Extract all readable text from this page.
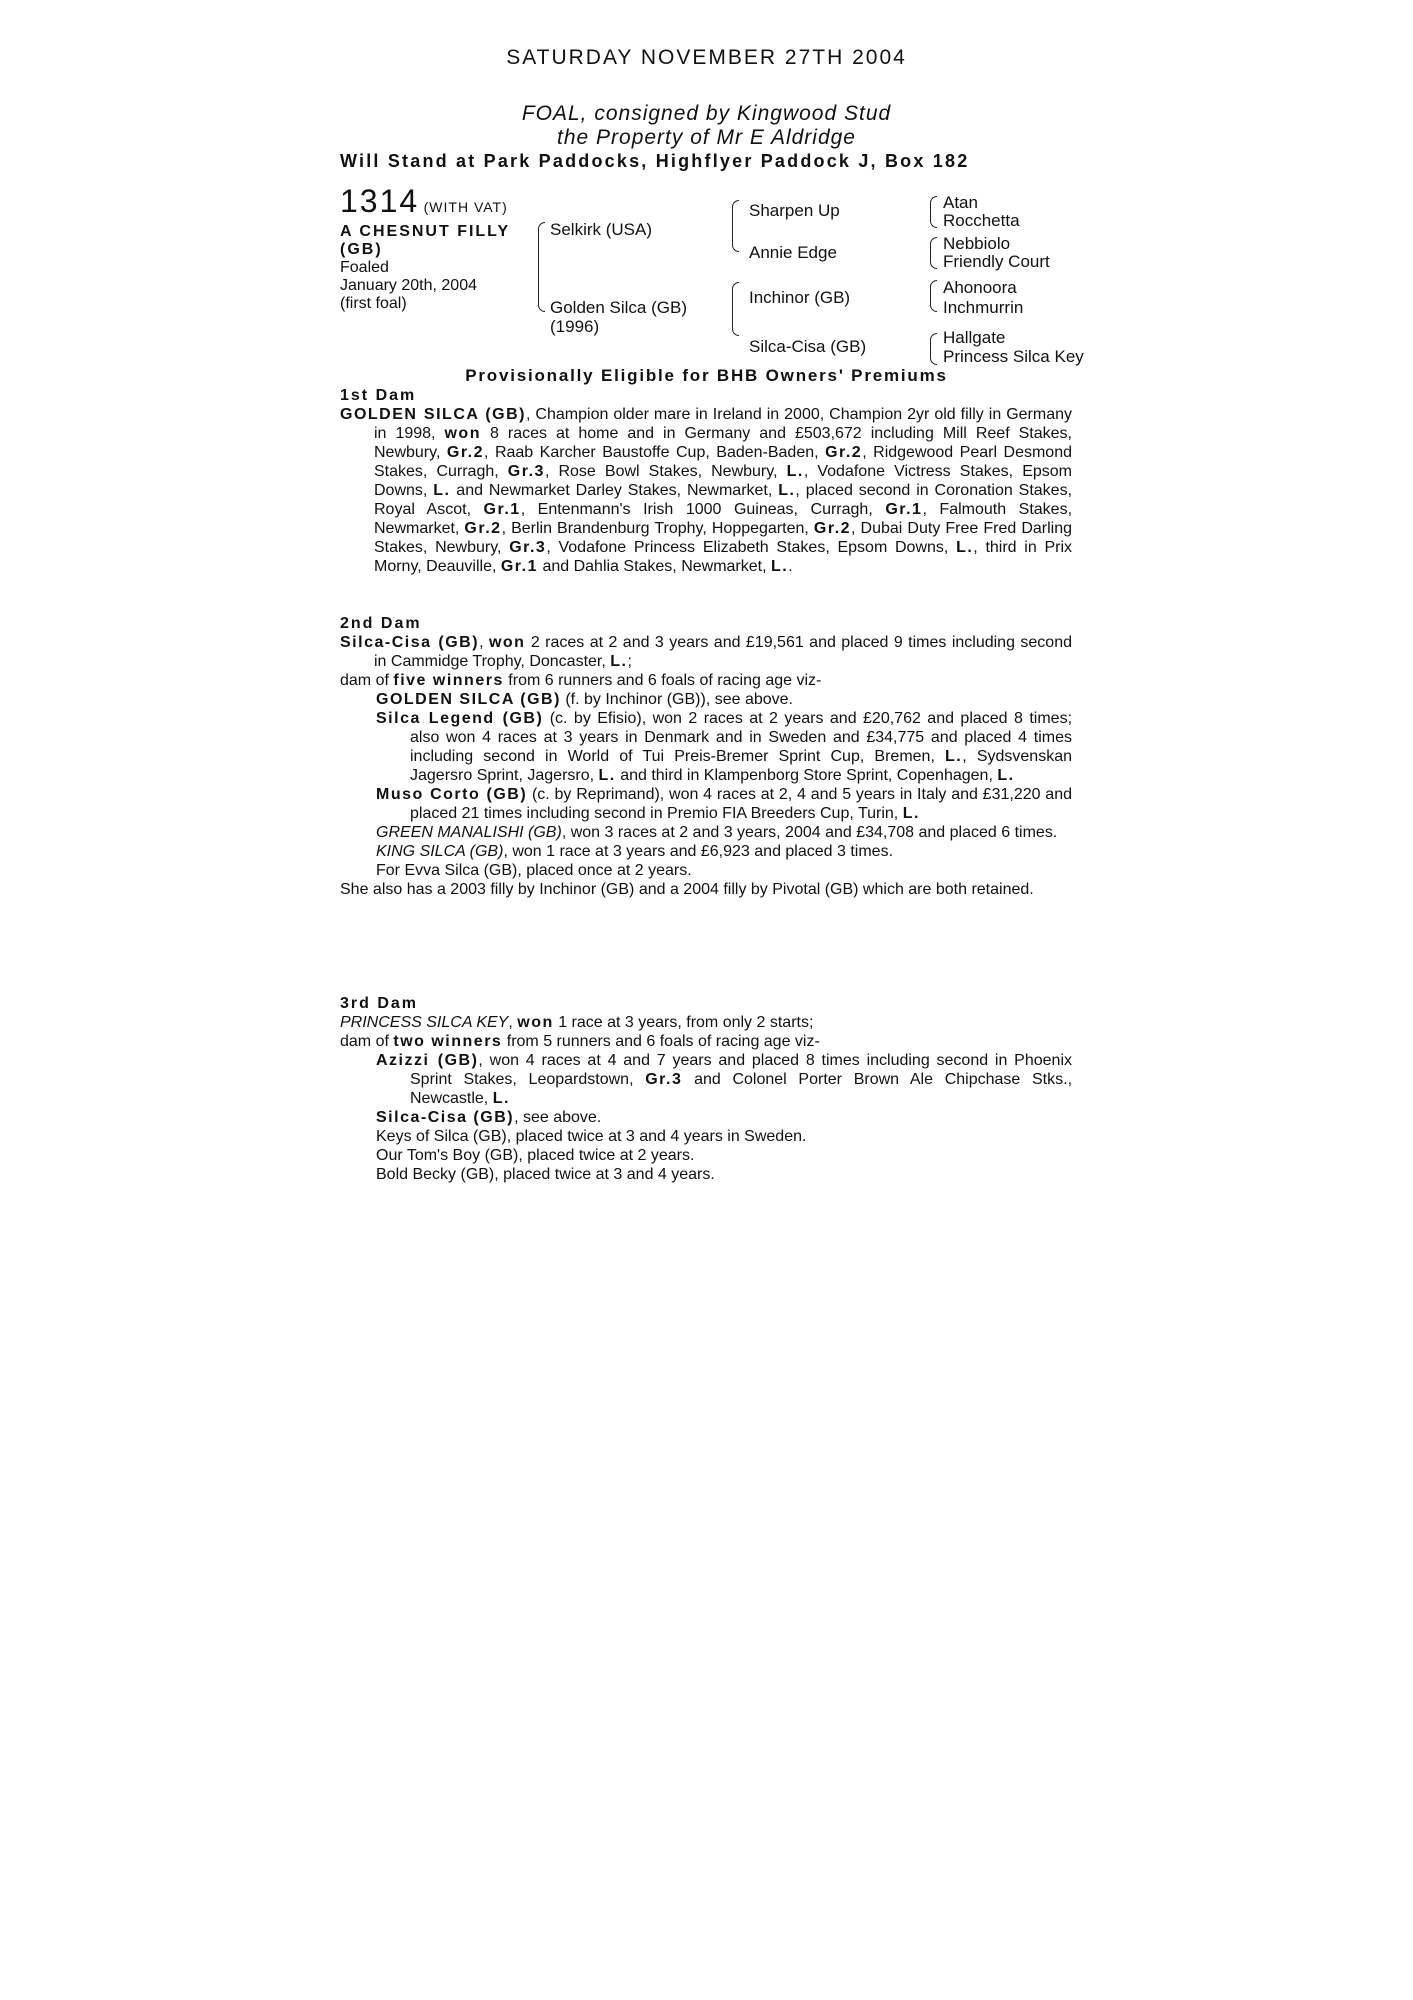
SATURDAY NOVEMBER 27TH 2004
FOAL, consigned by Kingwood Stud
the Property of Mr E Aldridge
Will Stand at Park Paddocks, Highflyer Paddock J, Box 182
1314 (WITH VAT)
A CHESNUT FILLY
(GB)
Foaled
January 20th, 2004
(first foal)
Selkirk (USA)
Golden Silca (GB)
(1996)
Sharpen Up
Annie Edge
Inchinor (GB)
Silca-Cisa (GB)
Atan
Rocchetta
Nebbiolo
Friendly Court
Ahonoora
Inchmurrin
Hallgate
Princess Silca Key
Provisionally Eligible for BHB Owners' Premiums
1st Dam

GOLDEN SILCA (GB), Champion older mare in Ireland in 2000, Champion 2yr old filly in Germany in 1998, won 8 races at home and in Germany and £503,672 including Mill Reef Stakes, Newbury, Gr.2, Raab Karcher Baustoffe Cup, Baden-Baden, Gr.2, Ridgewood Pearl Desmond Stakes, Curragh, Gr.3, Rose Bowl Stakes, Newbury, L., Vodafone Victress Stakes, Epsom Downs, L. and Newmarket Darley Stakes, Newmarket, L., placed second in Coronation Stakes, Royal Ascot, Gr.1, Entenmann's Irish 1000 Guineas, Curragh, Gr.1, Falmouth Stakes, Newmarket, Gr.2, Berlin Brandenburg Trophy, Hoppegarten, Gr.2, Dubai Duty Free Fred Darling Stakes, Newbury, Gr.3, Vodafone Princess Elizabeth Stakes, Epsom Downs, L., third in Prix Morny, Deauville, Gr.1 and Dahlia Stakes, Newmarket, L..

2nd Dam

Silca-Cisa (GB), won 2 races at 2 and 3 years and £19,561 and placed 9 times including second in Cammidge Trophy, Doncaster, L.;

dam of five winners from 6 runners and 6 foals of racing age viz-

GOLDEN SILCA (GB) (f. by Inchinor (GB)), see above.

Silca Legend (GB) (c. by Efisio), won 2 races at 2 years and £20,762 and placed 8 times; also won 4 races at 3 years in Denmark and in Sweden and £34,775 and placed 4 times including second in World of Tui Preis-Bremer Sprint Cup, Bremen, L., Sydsvenskan Jagersro Sprint, Jagersro, L. and third in Klampenborg Store Sprint, Copenhagen, L.

Muso Corto (GB) (c. by Reprimand), won 4 races at 2, 4 and 5 years in Italy and £31,220 and placed 21 times including second in Premio FIA Breeders Cup, Turin, L.

GREEN MANALISHI (GB), won 3 races at 2 and 3 years, 2004 and £34,708 and placed 6 times.

KING SILCA (GB), won 1 race at 3 years and £6,923 and placed 3 times.

For Evva Silca (GB), placed once at 2 years.

She also has a 2003 filly by Inchinor (GB) and a 2004 filly by Pivotal (GB) which are both retained.

3rd Dam

PRINCESS SILCA KEY, won 1 race at 3 years, from only 2 starts;

dam of two winners from 5 runners and 6 foals of racing age viz-

Azizzi (GB), won 4 races at 4 and 7 years and placed 8 times including second in Phoenix Sprint Stakes, Leopardstown, Gr.3 and Colonel Porter Brown Ale Chipchase Stks., Newcastle, L.

Silca-Cisa (GB), see above.

Keys of Silca (GB), placed twice at 3 and 4 years in Sweden.

Our Tom's Boy (GB), placed twice at 2 years.

Bold Becky (GB), placed twice at 3 and 4 years.
